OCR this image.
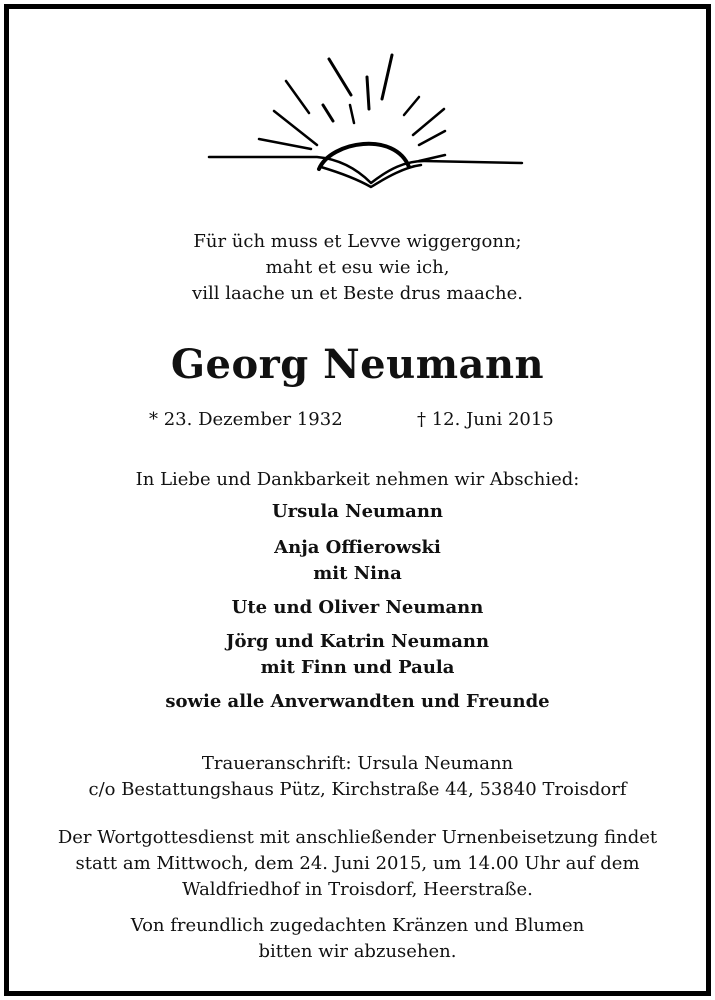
Für üch muss et Levve wiggergonn;
maht et esu wie ich,
vill laache un et Beste drus maache.
Georg Neumann
* 23. Dezember 1932	† 12. Juni 2015
In Liebe und Dankbarkeit nehmen wir Abschied:
Ursula Neumann
Anja Offierowski
mit Nina
Ute und Oliver Neumann
Jörg und Katrin Neumann
mit Finn und Paula
sowie alle Anverwandten und Freunde
Traueranschrift: Ursula Neumann
c/o Bestattungshaus Pütz, Kirchstraße 44, 53840 Troisdorf
Der Wortgottesdienst mit anschließender Urnenbeisetzung findet
statt am Mittwoch, dem 24. Juni 2015, um 14.00 Uhr auf dem
Waldfriedhof in Troisdorf, Heerstraße.
Von freundlich zugedachten Kränzen und Blumen
bitten wir abzusehen.
